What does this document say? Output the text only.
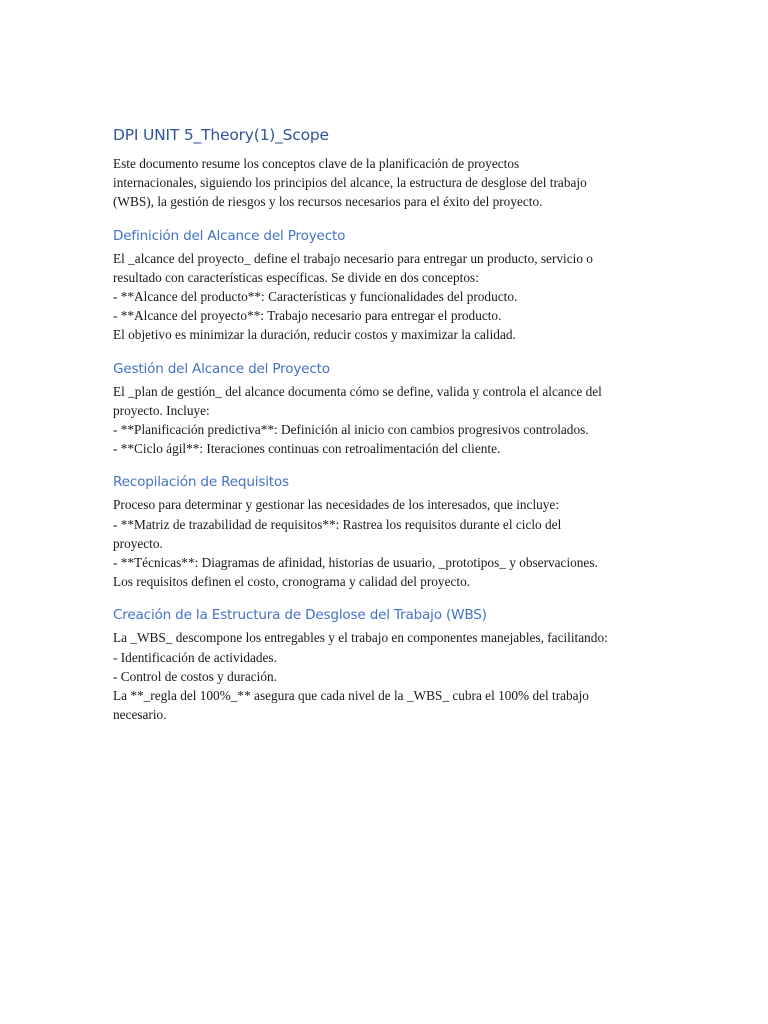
DPI UNIT 5_Theory(1)_Scope
Este documento resume los conceptos clave de la planificación de proyectos
internacionales, siguiendo los principios del alcance, la estructura de desglose del trabajo
(WBS), la gestión de riesgos y los recursos necesarios para el éxito del proyecto.
Definición del Alcance del Proyecto
El _alcance del proyecto_ define el trabajo necesario para entregar un producto, servicio o
resultado con características específicas. Se divide en dos conceptos:
- **Alcance del producto**: Características y funcionalidades del producto.
- **Alcance del proyecto**: Trabajo necesario para entregar el producto.
El objetivo es minimizar la duración, reducir costos y maximizar la calidad.
Gestión del Alcance del Proyecto
El _plan de gestión_ del alcance documenta cómo se define, valida y controla el alcance del
proyecto. Incluye:
- **Planificación predictiva**: Definición al inicio con cambios progresivos controlados.
- **Ciclo ágil**: Iteraciones continuas con retroalimentación del cliente.
Recopilación de Requisitos
Proceso para determinar y gestionar las necesidades de los interesados, que incluye:
- **Matriz de trazabilidad de requisitos**: Rastrea los requisitos durante el ciclo del
proyecto.
- **Técnicas**: Diagramas de afinidad, historias de usuario, _prototipos_ y observaciones.
Los requisitos definen el costo, cronograma y calidad del proyecto.
Creación de la Estructura de Desglose del Trabajo (WBS)
La _WBS_ descompone los entregables y el trabajo en componentes manejables, facilitando:
- Identificación de actividades.
- Control de costos y duración.
La **_regla del 100%_** asegura que cada nivel de la _WBS_ cubra el 100% del trabajo
necesario.
